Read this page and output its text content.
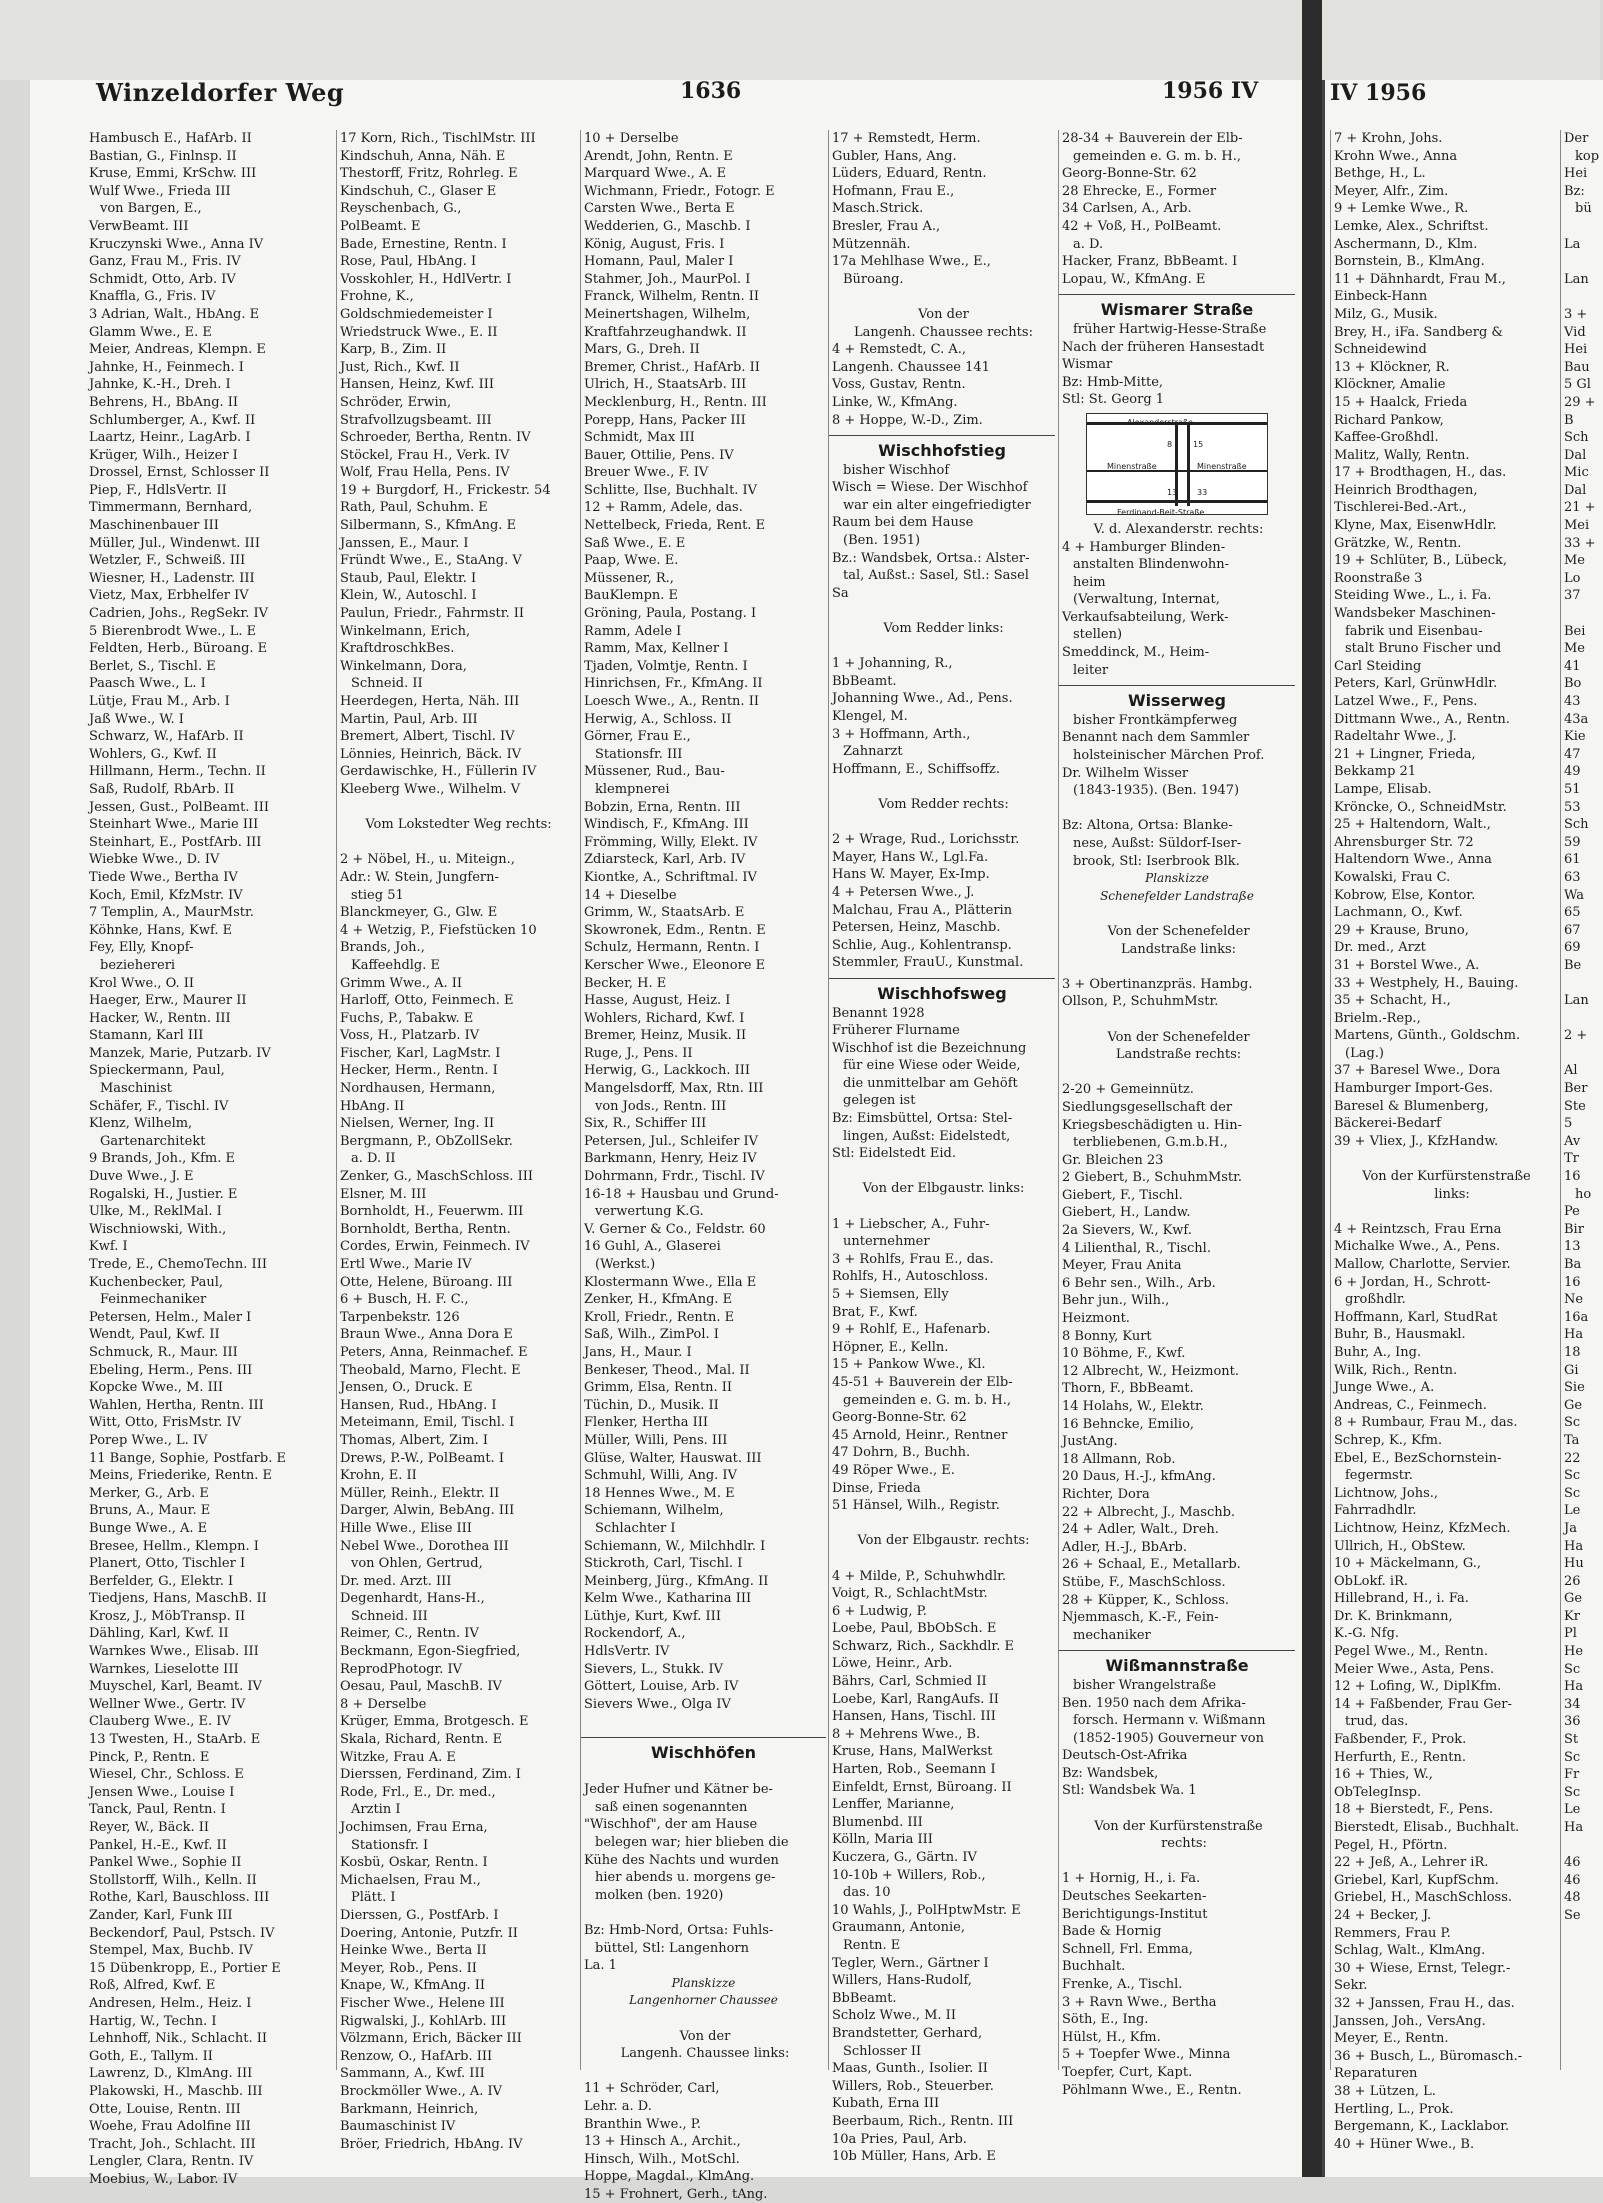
Winzeldorfer Weg	1636	1956 IV	IV 1956
Hambusch E., HafArb. II
Bastian, G., Finlnsp. II
Kruse, Emmi, KrSchw. III
Wulf Wwe., Frieda III
von Bargen, E.,
VerwBeamt. III
Kruczynski Wwe., Anna IV
Ganz, Frau M., Fris. IV
Schmidt, Otto, Arb. IV
Knaffla, G., Fris. IV
3 Adrian, Walt., HbAng. E
Glamm Wwe., E. E
Meier, Andreas, Klempn. E
Jahnke, H., Feinmech. I
Jahnke, K.-H., Dreh. I
Behrens, H., BbAng. II
Schlumberger, A., Kwf. II
Laartz, Heinr., LagArb. I
Krüger, Wilh., Heizer I
Drossel, Ernst, Schlosser II
Piep, F., HdlsVertr. II
Timmermann, Bernhard,
Maschinenbauer III
Müller, Jul., Windenwt. III
Wetzler, F., Schweiß. III
Wiesner, H., Ladenstr. III
Vietz, Max, Erbhelfer IV
Cadrien, Johs., RegSekr. IV
5 Bierenbrodt Wwe., L. E
Feldten, Herb., Büroang. E
Berlet, S., Tischl. E
Paasch Wwe., L. I
Lütje, Frau M., Arb. I
Jaß Wwe., W. I
Schwarz, W., HafArb. II
Wohlers, G., Kwf. II
Hillmann, Herm., Techn. II
Saß, Rudolf, RbArb. II
Jessen, Gust., PolBeamt. III
Steinhart Wwe., Marie III
Steinhart, E., PostfArb. III
Wiebke Wwe., D. IV
Tiede Wwe., Bertha IV
Koch, Emil, KfzMstr. IV
7 Templin, A., MaurMstr.
Köhnke, Hans, Kwf. E
Fey, Elly, Knopf-
beziehereri
Krol Wwe., O. II
Haeger, Erw., Maurer II
Hacker, W., Rentn. III
Stamann, Karl III
Manzek, Marie, Putzarb. IV
Spieckermann, Paul,
Maschinist
Schäfer, F., Tischl. IV
Klenz, Wilhelm,
Gartenarchitekt
9 Brands, Joh., Kfm. E
Duve Wwe., J. E
Rogalski, H., Justier. E
Ulke, M., ReklMal. I
Wischniowski, With.,
Kwf. I
Trede, E., ChemoTechn. III
Kuchenbecker, Paul,
Feinmechaniker
Petersen, Helm., Maler I
Wendt, Paul, Kwf. II
Schmuck, R., Maur. III
Ebeling, Herm., Pens. III
Kopcke Wwe., M. III
Wahlen, Hertha, Rentn. III
Witt, Otto, FrisMstr. IV
Porep Wwe., L. IV
11 Bange, Sophie, Postfarb. E
Meins, Friederike, Rentn. E
Merker, G., Arb. E
Bruns, A., Maur. E
Bunge Wwe., A. E
Bresee, Hellm., Klempn. I
Planert, Otto, Tischler I
Berfelder, G., Elektr. I
Tiedjens, Hans, MaschB. II
Krosz, J., MöbTransp. II
Dähling, Karl, Kwf. II
Warnkes Wwe., Elisab. III
Warnkes, Lieselotte III
Muyschel, Karl, Beamt. IV
Wellner Wwe., Gertr. IV
Clauberg Wwe., E. IV
13 Twesten, H., StaArb. E
Pinck, P., Rentn. E
Wiesel, Chr., Schloss. E
Jensen Wwe., Louise I
Tanck, Paul, Rentn. I
Reyer, W., Bäck. II
Pankel, H.-E., Kwf. II
Pankel Wwe., Sophie II
Stollstorff, Wilh., Kelln. II
Rothe, Karl, Bauschloss. III
Zander, Karl, Funk III
Beckendorf, Paul, Pstsch. IV
Stempel, Max, Buchb. IV
15 Dübenkropp, E., Portier E
Roß, Alfred, Kwf. E
Andresen, Helm., Heiz. I
Hartig, W., Techn. I
Lehnhoff, Nik., Schlacht. II
Goth, E., Tallym. II
Lawrenz, D., KlmAng. III
Plakowski, H., Maschb. III
Otte, Louise, Rentn. III
Woehe, Frau Adolfine III
Tracht, Joh., Schlacht. III
Lengler, Clara, Rentn. IV
Moebius, W., Labor. IV
17 Korn, Rich., TischlMstr. III
Kindschuh, Anna, Näh. E
Thestorff, Fritz, Rohrleg. E
Kindschuh, C., Glaser E
Reyschenbach, G.,
PolBeamt. E
Bade, Ernestine, Rentn. I
Rose, Paul, HbAng. I
Vosskohler, H., HdlVertr. I
Frohne, K.,
Goldschmiedemeister I
Wriedstruck Wwe., E. II
Karp, B., Zim. II
Just, Rich., Kwf. II
Hansen, Heinz, Kwf. III
Schröder, Erwin,
Strafvollzugsbeamt. III
Schroeder, Bertha, Rentn. IV
Stöckel, Frau H., Verk. IV
Wolf, Frau Hella, Pens. IV
19 + Burgdorf, H., Frickestr. 54
Rath, Paul, Schuhm. E
Silbermann, S., KfmAng. E
Janssen, E., Maur. I
Fründt Wwe., E., StaAng. V
Staub, Paul, Elektr. I
Klein, W., Autoschl. I
Paulun, Friedr., Fahrmstr. II
Winkelmann, Erich,
KraftdroschkBes.
Winkelmann, Dora,
Schneid. II
Heerdegen, Herta, Näh. III
Martin, Paul, Arb. III
Bremert, Albert, Tischl. IV
Lönnies, Heinrich, Bäck. IV
Gerdawischke, H., Füllerin IV
Kleeberg Wwe., Wilhelm. V

Vom Lokstedter Weg rechts:

2 + Nöbel, H., u. Miteign.,
Adr.: W. Stein, Jungfern-
stieg 51
Blanckmeyer, G., Glw. E
4 + Wetzig, P., Fiefstücken 10
Brands, Joh.,
Kaffeehdlg. E
Grimm Wwe., A. II
Harloff, Otto, Feinmech. E
Fuchs, P., Tabakw. E
Voss, H., Platzarb. IV
Fischer, Karl, LagMstr. I
Hecker, Herm., Rentn. I
Nordhausen, Hermann,
HbAng. II
Nielsen, Werner, Ing. II
Bergmann, P., ObZollSekr.
a. D. II
Zenker, G., MaschSchloss. III
Elsner, M. III
Bornholdt, H., Feuerwm. III
Bornholdt, Bertha, Rentn.
Cordes, Erwin, Feinmech. IV
Ertl Wwe., Marie IV
Otte, Helene, Büroang. III
6 + Busch, H. F. C.,
Tarpenbekstr. 126
Braun Wwe., Anna Dora E
Peters, Anna, Reinmachef. E
Theobald, Marno, Flecht. E
Jensen, O., Druck. E
Hansen, Rud., HbAng. I
Meteimann, Emil, Tischl. I
Thomas, Albert, Zim. I
Drews, P.-W., PolBeamt. I
Krohn, E. II
Müller, Reinh., Elektr. II
Darger, Alwin, BebAng. III
Hille Wwe., Elise III
Nebel Wwe., Dorothea III
von Ohlen, Gertrud,
Dr. med. Arzt. III
Degenhardt, Hans-H.,
Schneid. III
Reimer, C., Rentn. IV
Beckmann, Egon-Siegfried,
ReprodPhotogr. IV
Oesau, Paul, MaschB. IV
8 + Derselbe
Krüger, Emma, Brotgesch. E
Skala, Richard, Rentn. E
Witzke, Frau A. E
Dierssen, Ferdinand, Zim. I
Rode, Frl., E., Dr. med.,
Arztin I
Jochimsen, Frau Erna,
Stationsfr. I
Kosbü, Oskar, Rentn. I
Michaelsen, Frau M.,
Plätt. I
Dierssen, G., PostfArb. I
Doering, Antonie, Putzfr. II
Heinke Wwe., Berta II
Meyer, Rob., Pens. II
Knape, W., KfmAng. II
Fischer Wwe., Helene III
Rigwalski, J., KohlArb. III
Völzmann, Erich, Bäcker III
Renzow, O., HafArb. III
Sammann, A., Kwf. III
Brockmöller Wwe., A. IV
Barkmann, Heinrich,
Baumaschinist IV
Bröer, Friedrich, HbAng. IV
10 + Derselbe
Arendt, John, Rentn. E
Marquard Wwe., A. E
Wichmann, Friedr., Fotogr. E
Carsten Wwe., Berta E
Wedderien, G., Maschb. I
König, August, Fris. I
Homann, Paul, Maler I
Stahmer, Joh., MaurPol. I
Franck, Wilhelm, Rentn. II
Meinertshagen, Wilhelm,
Kraftfahrzeughandwk. II
Mars, G., Dreh. II
Bremer, Christ., HafArb. II
Ulrich, H., StaatsArb. III
Mecklenburg, H., Rentn. III
Porepp, Hans, Packer III
Schmidt, Max III
Bauer, Ottilie, Pens. IV
Breuer Wwe., F. IV
Schlitte, Ilse, Buchhalt. IV
12 + Ramm, Adele, das.
Nettelbeck, Frieda, Rent. E
Saß Wwe., E. E
Paap, Wwe. E.
Müssener, R.,
BauKlempn. E
Gröning, Paula, Postang. I
Ramm, Adele I
Ramm, Max, Kellner I
Tjaden, Volmtje, Rentn. I
Hinrichsen, Fr., KfmAng. II
Loesch Wwe., A., Rentn. II
Herwig, A., Schloss. II
Görner, Frau E.,
Stationsfr. III
Müssener, Rud., Bau-
klempnerei
Bobzin, Erna, Rentn. III
Windisch, F., KfmAng. III
Frömming, Willy, Elekt. IV
Zdiarsteck, Karl, Arb. IV
Kiontke, A., Schriftmal. IV
14 + Dieselbe
Grimm, W., StaatsArb. E
Skowronek, Edm., Rentn. E
Schulz, Hermann, Rentn. I
Kerscher Wwe., Eleonore E
Becker, H. E
Hasse, August, Heiz. I
Wohlers, Richard, Kwf. I
Bremer, Heinz, Musik. II
Ruge, J., Pens. II
Herwig, G., Lackkoch. III
Mangelsdorff, Max, Rtn. III
von Jods., Rentn. III
Six, R., Schiffer III
Petersen, Jul., Schleifer IV
Barkmann, Henry, Heiz IV
Dohrmann, Frdr., Tischl. IV
16-18 + Hausbau und Grund-
verwertung K.G.
V. Gerner & Co., Feldstr. 60
16 Guhl, A., Glaserei
(Werkst.)
Klostermann Wwe., Ella E
Zenker, H., KfmAng. E
Kroll, Friedr., Rentn. E
Saß, Wilh., ZimPol. I
Jans, H., Maur. I
Benkeser, Theod., Mal. II
Grimm, Elsa, Rentn. II
Tüchin, D., Musik. II
Flenker, Hertha III
Müller, Willi, Pens. III
Glüse, Walter, Hauswat. III
Schmuhl, Willi, Ang. IV
18 Hennes Wwe., M. E
Schiemann, Wilhelm,
Schlachter I
Schiemann, W., Milchhdlr. I
Stickroth, Carl, Tischl. I
Meinberg, Jürg., KfmAng. II
Kelm Wwe., Katharina III
Lüthje, Kurt, Kwf. III
Rockendorf, A.,
HdlsVertr. IV
Sievers, L., Stukk. IV
Göttert, Louise, Arb. IV
Sievers Wwe., Olga IV

Wischhöfen

Jeder Hufner und Kätner be-
saß einen sogenannten
"Wischhof", der am Hause
belegen war; hier blieben die
Kühe des Nachts und wurden
hier abends u. morgens ge-
molken (ben. 1920)

Bz: Hmb-Nord, Ortsa: Fuhls-
büttel, Stl: Langenhorn
La. 1
Planskizze
Langenhorner Chaussee

Von der
Langenh. Chaussee links:

11 + Schröder, Carl,
Lehr. a. D.
Branthin Wwe., P.
13 + Hinsch A., Archit.,
Hinsch, Wilh., MotSchl.
Hoppe, Magdal., KlmAng.
15 + Frohnert, Gerh., tAng.
17 + Remstedt, Herm.
Gubler, Hans, Ang.
Lüders, Eduard, Rentn.
Hofmann, Frau E.,
Masch.Strick.
Bresler, Frau A.,
Mützennäh.
17a Mehlhase Wwe., E.,
Büroang.

Von der
Langenh. Chaussee rechts:
4 + Remstedt, C. A.,
Langenh. Chaussee 141
Voss, Gustav, Rentn.
Linke, W., KfmAng.
8 + Hoppe, W.-D., Zim.
Wischhofstieg
bisher Wischhof
Wisch = Wiese. Der Wischhof
war ein alter eingefriedigter
Raum bei dem Hause
(Ben. 1951)
Bz.: Wandsbek, Ortsa.: Alster-
tal, Außst.: Sasel, Stl.: Sasel
Sa

Vom Redder links:

1 + Johanning, R.,
BbBeamt.
Johanning Wwe., Ad., Pens.
Klengel, M.
3 + Hoffmann, Arth.,
Zahnarzt
Hoffmann, E., Schiffsoffz.

Vom Redder rechts:

2 + Wrage, Rud., Lorichsstr.
Mayer, Hans W., Lgl.Fa.
Hans W. Mayer, Ex-Imp.
4 + Petersen Wwe., J.
Malchau, Frau A., Plätterin
Petersen, Heinz, Maschb.
Schlie, Aug., Kohlentransp.
Stemmler, FrauU., Kunstmal.
Wischhofsweg
Benannt 1928
Früherer Flurname
Wischhof ist die Bezeichnung
für eine Wiese oder Weide,
die unmittelbar am Gehöft
gelegen ist
Bz: Eimsbüttel, Ortsa: Stel-
lingen, Außst: Eidelstedt,
Stl: Eidelstedt Eid.

Von der Elbgaustr. links:

1 + Liebscher, A., Fuhr-
unternehmer
3 + Rohlfs, Frau E., das.
Rohlfs, H., Autoschloss.
5 + Siemsen, Elly
Brat, F., Kwf.
9 + Rohlf, E., Hafenarb.
Höpner, E., Kelln.
15 + Pankow Wwe., Kl.
45-51 + Bauverein der Elb-
gemeinden e. G. m. b. H.,
Georg-Bonne-Str. 62
45 Arnold, Heinr., Rentner
47 Dohrn, B., Buchh.
49 Röper Wwe., E.
Dinse, Frieda
51 Hänsel, Wilh., Registr.

Von der Elbgaustr. rechts:

4 + Milde, P., Schuhwhdlr.
Voigt, R., SchlachtMstr.
6 + Ludwig, P.
Loebe, Paul, BbObSch. E
Schwarz, Rich., Sackhdlr. E
Löwe, Heinr., Arb.
Bährs, Carl, Schmied II
Loebe, Karl, RangAufs. II
Hansen, Hans, Tischl. III
8 + Mehrens Wwe., B.
Kruse, Hans, MalWerkst
Harten, Rob., Seemann I
Einfeldt, Ernst, Büroang. II
Lenffer, Marianne,
Blumenbd. III
Kölln, Maria III
Kuczera, G., Gärtn. IV
10-10b + Willers, Rob.,
das. 10
10 Wahls, J., PolHptwMstr. E
Graumann, Antonie,
Rentn. E
Tegler, Wern., Gärtner I
Willers, Hans-Rudolf,
BbBeamt.
Scholz Wwe., M. II
Brandstetter, Gerhard,
Schlosser II
Maas, Gunth., Isolier. II
Willers, Rob., Steuerber.
Kubath, Erna III
Beerbaum, Rich., Rentn. III
10a Pries, Paul, Arb.
10b Müller, Hans, Arb. E
28-34 + Bauverein der Elb-
gemeinden e. G. m. b. H.,
Georg-Bonne-Str. 62
28 Ehrecke, E., Former
34 Carlsen, A., Arb.
42 + Voß, H., PolBeamt.
a. D.
Hacker, Franz, BbBeamt. I
Lopau, W., KfmAng. E
Wismarer Straße
früher Hartwig-Hesse-Straße
Nach der früheren Hansestadt
Wismar
Bz: Hmb-Mitte,
Stl: St. Georg 1
Alexanderstraße
Minenstraße	Minenstraße
Ferdinand-Beit-Straße
8	15
13 33
V. d. Alexanderstr. rechts:
4 + Hamburger Blinden-
anstalten Blindenwohn-
heim
(Verwaltung, Internat,
Verkaufsabteilung, Werk-
stellen)
Smeddinck, M., Heim-
leiter
Wisserweg
bisher Frontkämpferweg
Benannt nach dem Sammler
holsteinischer Märchen Prof.
Dr. Wilhelm Wisser
(1843-1935). (Ben. 1947)

Bz: Altona, Ortsa: Blanke-
nese, Außst: Süldorf-Iser-
brook, Stl: Iserbrook Blk.
Planskizze
Schenefelder Landstraße

Von der Schenefelder
Landstraße links:

3 + Obertinanzpräs. Hambg.
Ollson, P., SchuhmMstr.

Von der Schenefelder
Landstraße rechts:

2-20 + Gemeinnütz.
Siedlungsgesellschaft der
Kriegsbeschädigten u. Hin-
terbliebenen, G.m.b.H.,
Gr. Bleichen 23
2 Giebert, B., SchuhmMstr.
Giebert, F., Tischl.
Giebert, H., Landw.
2a Sievers, W., Kwf.
4 Lilienthal, R., Tischl.
Meyer, Frau Anita
6 Behr sen., Wilh., Arb.
Behr jun., Wilh.,
Heizmont.
8 Bonny, Kurt
10 Böhme, F., Kwf.
12 Albrecht, W., Heizmont.
Thorn, F., BbBeamt.
14 Holahs, W., Elektr.
16 Behncke, Emilio,
JustAng.
18 Allmann, Rob.
20 Daus, H.-J., kfmAng.
Richter, Dora
22 + Albrecht, J., Maschb.
24 + Adler, Walt., Dreh.
Adler, H.-J., BbArb.
26 + Schaal, E., Metallarb.
Stübe, F., MaschSchloss.
28 + Küpper, K., Schloss.
Njemmasch, K.-F., Fein-
mechaniker
Wißmannstraße
bisher Wrangelstraße
Ben. 1950 nach dem Afrika-
forsch. Hermann v. Wißmann
(1852-1905) Gouverneur von
Deutsch-Ost-Afrika
Bz: Wandsbek,
Stl: Wandsbek Wa. 1

Von der Kurfürstenstraße
rechts:

1 + Hornig, H., i. Fa.
Deutsches Seekarten-
Berichtigungs-Institut
Bade & Hornig
Schnell, Frl. Emma,
Buchhalt.
Frenke, A., Tischl.
3 + Ravn Wwe., Bertha
Söth, E., Ing.
Hülst, H., Kfm.
5 + Toepfer Wwe., Minna
Toepfer, Curt, Kapt.
Pöhlmann Wwe., E., Rentn.
7 + Krohn, Johs.
Krohn Wwe., Anna
Bethge, H., L.
Meyer, Alfr., Zim.
9 + Lemke Wwe., R.
Lemke, Alex., Schriftst.
Aschermann, D., Klm.
Bornstein, B., KlmAng.
11 + Dähnhardt, Frau M.,
Einbeck-Hann
Milz, G., Musik.
Brey, H., iFa. Sandberg &
Schneidewind
13 + Klöckner, R.
Klöckner, Amalie
15 + Haalck, Frieda
Richard Pankow,
Kaffee-Großhdl.
Malitz, Wally, Rentn.
17 + Brodthagen, H., das.
Heinrich Brodthagen,
Tischlerei-Bed.-Art.,
Klyne, Max, EisenwHdlr.
Grätzke, W., Rentn.
19 + Schlüter, B., Lübeck,
Roonstraße 3
Steiding Wwe., L., i. Fa.
Wandsbeker Maschinen-
fabrik und Eisenbau-
stalt Bruno Fischer und
Carl Steiding
Peters, Karl, GrünwHdlr.
Latzel Wwe., F., Pens.
Dittmann Wwe., A., Rentn.
Radeltahr Wwe., J.
21 + Lingner, Frieda,
Bekkamp 21
Lampe, Elisab.
Kröncke, O., SchneidMstr.
25 + Haltendorn, Walt.,
Ahrensburger Str. 72
Haltendorn Wwe., Anna
Kowalski, Frau C.
Kobrow, Else, Kontor.
Lachmann, O., Kwf.
29 + Krause, Bruno,
Dr. med., Arzt
31 + Borstel Wwe., A.
33 + Westphely, H., Bauing.
35 + Schacht, H.,
Brielm.-Rep.,
Martens, Günth., Goldschm.
(Lag.)
37 + Baresel Wwe., Dora
Hamburger Import-Ges.
Baresel & Blumenberg,
Bäckerei-Bedarf
39 + Vliex, J., KfzHandw.

Von der Kurfürstenstraße
links:

4 + Reintzsch, Frau Erna
Michalke Wwe., A., Pens.
Mallow, Charlotte, Servier.
6 + Jordan, H., Schrott-
großhdlr.
Hoffmann, Karl, StudRat
Buhr, B., Hausmakl.
Buhr, A., Ing.
Wilk, Rich., Rentn.
Junge Wwe., A.
Andreas, C., Feinmech.
8 + Rumbaur, Frau M., das.
Schrep, K., Kfm.
Ebel, E., BezSchornstein-
fegermstr.
Lichtnow, Johs.,
Fahrradhdlr.
Lichtnow, Heinz, KfzMech.
Ullrich, H., ObStew.
10 + Mäckelmann, G.,
ObLokf. iR.
Hillebrand, H., i. Fa.
Dr. K. Brinkmann,
K.-G. Nfg.
Pegel Wwe., M., Rentn.
Meier Wwe., Asta, Pens.
12 + Lofing, W., DiplKfm.
14 + Faßbender, Frau Ger-
trud, das.
Faßbender, F., Prok.
Herfurth, E., Rentn.
16 + Thies, W.,
ObTelegInsp.
18 + Bierstedt, F., Pens.
Bierstedt, Elisab., Buchhalt.
Pegel, H., Pförtn.
22 + Jeß, A., Lehrer iR.
Griebel, Karl, KupfSchm.
Griebel, H., MaschSchloss.
24 + Becker, J.
Remmers, Frau P.
Schlag, Walt., KlmAng.
30 + Wiese, Ernst, Telegr.-
Sekr.
32 + Janssen, Frau H., das.
Janssen, Joh., VersAng.
Meyer, E., Rentn.
36 + Busch, L., Büromasch.-
Reparaturen
38 + Lützen, L.
Hertling, L., Prok.
Bergemann, K., Lacklabor.
40 + Hüner Wwe., B.
Der
kop
Hei
Bz:
bü

La

Lan

3 +
Vid
Hei
Bau
5 Gl
29 +
B
Sch
Dal
Mic
Dal
21 +
Mei
33 +
Me
Lo
37

Bei
Me
41
Bo
43
43a
Kie
47
49
51
53
Sch
59
61
63
Wa
65
67
69
Be

Lan

2 +

Al
Ber
Ste
5
Av
Tr
16
ho
Pe
Bir
13
Ba
16
Ne
16a
Ha
18
Gi
Sie
Ge
Sc
Ta
22
Sc
Sc
Le
Ja
Ha
Hu
26
Ge
Kr
Pl
He
Sc
Ha
34
36
St
Sc
Fr
Sc
Le
Ha

46
46
48
Se
